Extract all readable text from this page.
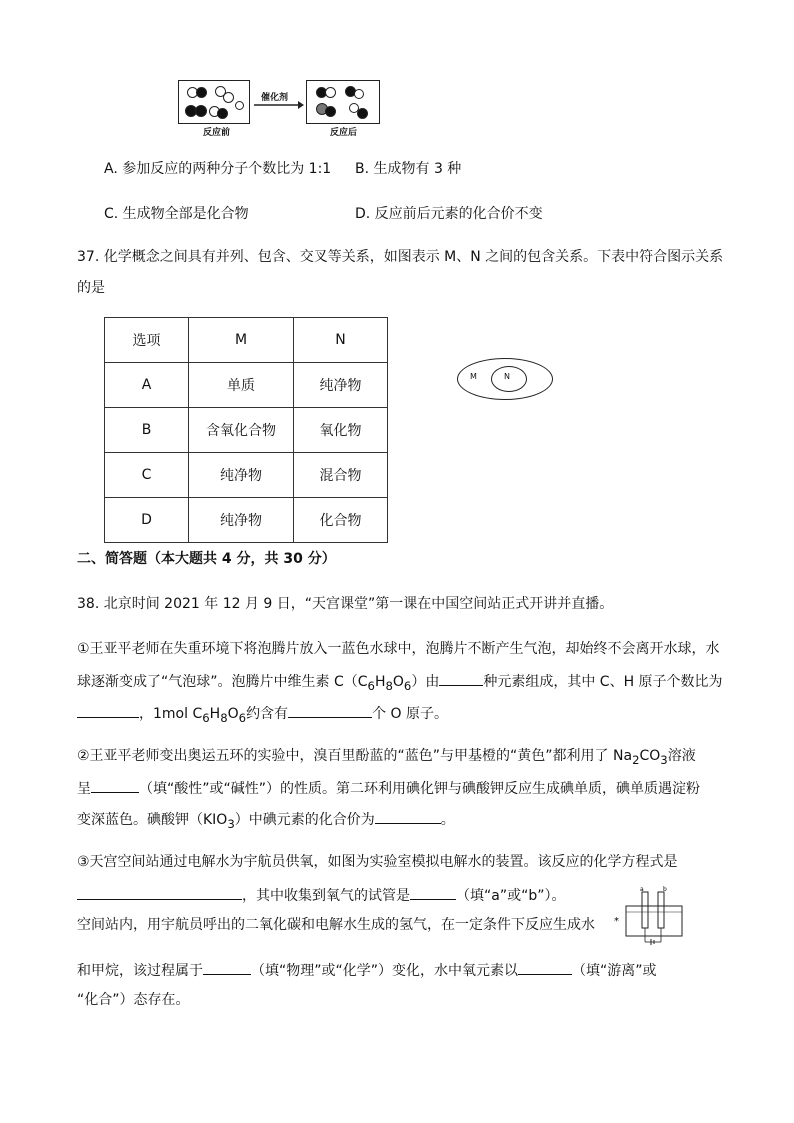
反应前
催化剂
反应后
A. 参加反应的两种分子个数比为 1:1 B. 生成物有 3 种
C. 生成物全部是化合物	D. 反应前后元素的化合价不变
37. 化学概念之间具有并列、包含、交叉等关系，如图表示 M、N 之间的包含关系。下表中符合图示关系
的是
选项	M	N
A	单质	纯净物
B	含氧化合物	氧化物
C	纯净物	混合物
D	纯净物	化合物
M	N
二、简答题（本大题共 4 分，共 30 分）
38. 北京时间 2021 年 12 月 9 日，“天宫课堂”第一课在中国空间站正式开讲并直播。
①王亚平老师在失重环境下将泡腾片放入一蓝色水球中，泡腾片不断产生气泡，却始终不会离开水球，水
球逐渐变成了“气泡球”。泡腾片中维生素 $C(C_6H_8O_6)$由	种元素组成，其中 C、H 原子个数比为
，1mol $C_6H_8O_6$约含有	个 O 原子。
②王亚平老师变出奥运五环的实验中，溴百里酚蓝的“蓝色”与甲基橙的“黄色”都利用了 $Na_2CO_3$溶液
呈	（填“酸性”或“碱性”）的性质。第二环利用碘化钾与碘酸钾反应生成碘单质，碘单质遇淀粉
变深蓝色。碘酸钾$(KIO_3)$中碘元素的化合价为	。
③天宫空间站通过电解水为宇航员供氧，如图为实验室模拟电解水的装置。该反应的化学方程式是
，其中收集到氧气的试管是	（填“a”或“b”）。
空间站内，用宇航员呼出的二氧化碳和电解水生成的氢气，在一定条件下反应生成水
和甲烷，该过程属于	（填“物理”或“化学”）变化，水中氧元素以	（填“游离”或
“化合”）态存在。
*
a	b
